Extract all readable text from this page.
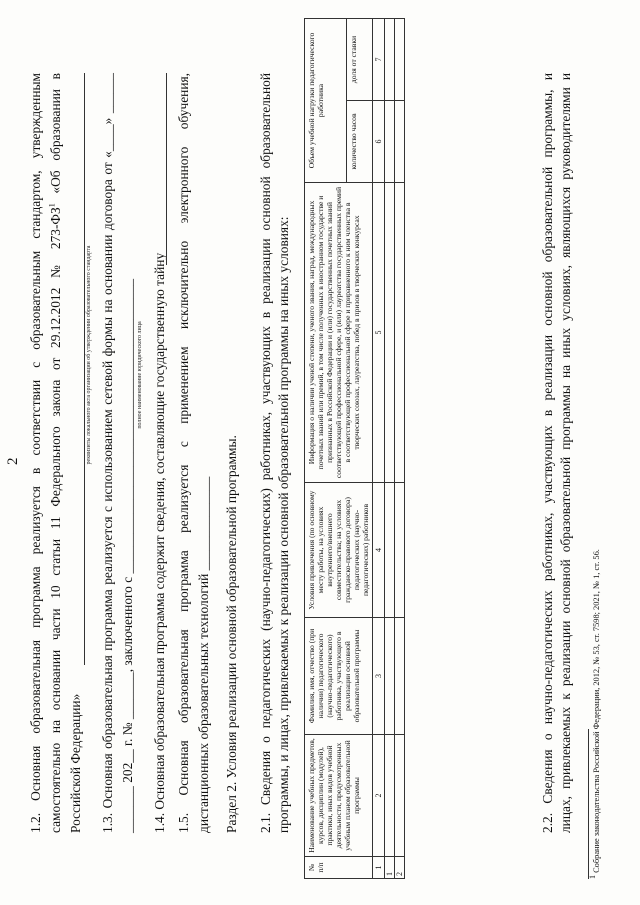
2 1.2. Основная образовательная программа реализуется в соответствии с образовательным стандартом, утвержденным самостоятельно на основании части 10 статьи 11 Федерального закона от 29.12.2012 № $273-ФЗ^1$ «Об образовании в
Российской Федерации»
реквизиты локального акта организации об утверждении образовательного стандарта 1.3. Основная образовательная программа реализуется с использованием сетевой формы на основании договора от «____» ______ _______ 202__ г. № _______, заключенного с ____________________________________________ полное наименование юридического лица 1.4. Основная образовательная программа содержит сведения, составляющие государственную тайну 1.5. Основная образовательная программа реализуется с применением исключительно электронного обучения, дистанционных образовательных технологий ______________ Раздел 2. Условия реализации основной образовательной программы. 2.1. Сведения о педагогических (научно-педагогических) работниках, участвующих в реализации основной образовательной программы, и лицах, привлекаемых к реализации основной образовательной программы на иных условиях:
№ п/п	Наименование учебных предметов, курсов, дисциплин (модулей), практики, иных видов учебной деятельности, предусмотренных учебным планом образовательной программы	Фамилия, имя, отчество (при наличии) педагогического (научно-педагогического) работника, участвующего в реализации основной образовательной программы	Условия привлечения (по основному месту работы, на условиях внутреннего/внешнего совместительства; на условиях гражданско-правового договора) педагогических (научно-педагогических) работников	Информация о наличии ученой степени, ученого звания, наград, международных почетных званий или премий, в том числе полученных в иностранном государстве и признанных в Российской Федерации и (или) государственных почетных званий соответствующей профессиональной сфере, и (или) лауреатства государственных премий в соответствующей профессиональной сфере и приравненного к ним членства в творческих союзах, лауреатства, побед в призов в творческих конкурсах	Объем учебной нагрузки педагогического работника	
					количество часов	доля от ставки
1	2	3	4	5	6	7
1						
2						
2.2. Сведения о научно-педагогических работниках, участвующих в реализации основной образовательной программы, и лицах, привлекаемых к реализации основной образовательной программы на иных условиях, являющихся руководителями и
$^1$ Собрание законодательства Российской Федерации, 2012, № 53, ст. 7598; 2021, № 1, ст. 56.
